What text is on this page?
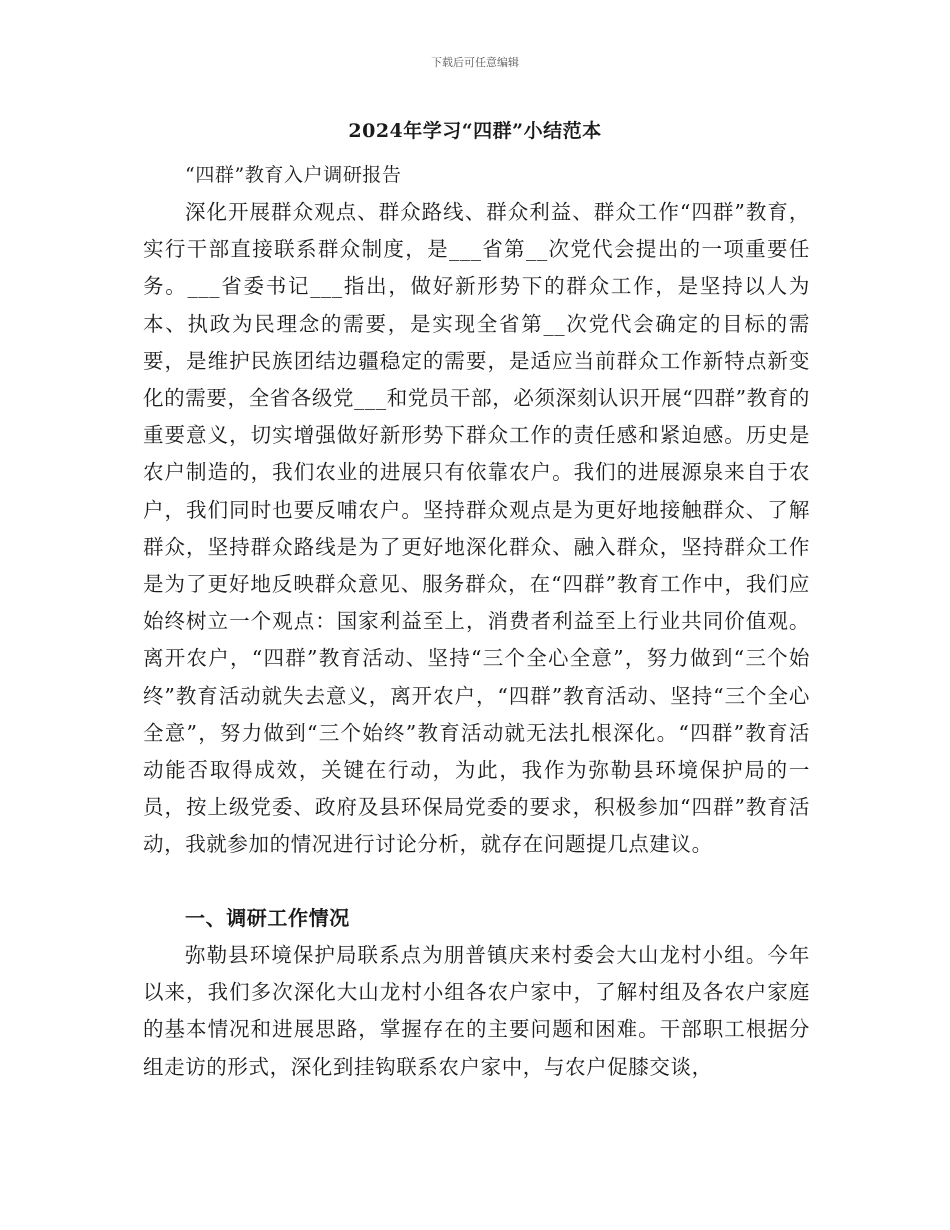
下载后可任意编辑
2024年学习“四群”小结范本
“四群”教育入户调研报告

深化开展群众观点、群众路线、群众利益、群众工作“四群”教育，实行干部直接联系群众制度，是___省第__次党代会提出的一项重要任务。___省委书记___指出，做好新形势下的群众工作，是坚持以人为本、执政为民理念的需要，是实现全省第__次党代会确定的目标的需要，是维护民族团结边疆稳定的需要，是适应当前群众工作新特点新变化的需要，全省各级党___和党员干部，必须深刻认识开展“四群”教育的重要意义，切实增强做好新形势下群众工作的责任感和紧迫感。历史是农户制造的，我们农业的进展只有依靠农户。我们的进展源泉来自于农户，我们同时也要反哺农户。坚持群众观点是为更好地接触群众、了解群众，坚持群众路线是为了更好地深化群众、融入群众，坚持群众工作是为了更好地反映群众意见、服务群众，在“四群”教育工作中，我们应始终树立一个观点：国家利益至上，消费者利益至上行业共同价值观。离开农户，“四群”教育活动、坚持“三个全心全意”，努力做到“三个始终”教育活动就失去意义，离开农户，“四群”教育活动、坚持“三个全心全意”，努力做到“三个始终”教育活动就无法扎根深化。“四群”教育活动能否取得成效，关键在行动，为此，我作为弥勒县环境保护局的一员，按上级党委、政府及县环保局党委的要求，积极参加“四群”教育活动，我就参加的情况进行讨论分析，就存在问题提几点建议。

一、调研工作情况

弥勒县环境保护局联系点为朋普镇庆来村委会大山龙村小组。今年以来，我们多次深化大山龙村小组各农户家中，了解村组及各农户家庭的基本情况和进展思路，掌握存在的主要问题和困难。干部职工根据分组走访的形式，深化到挂钩联系农户家中，与农户促膝交谈，
